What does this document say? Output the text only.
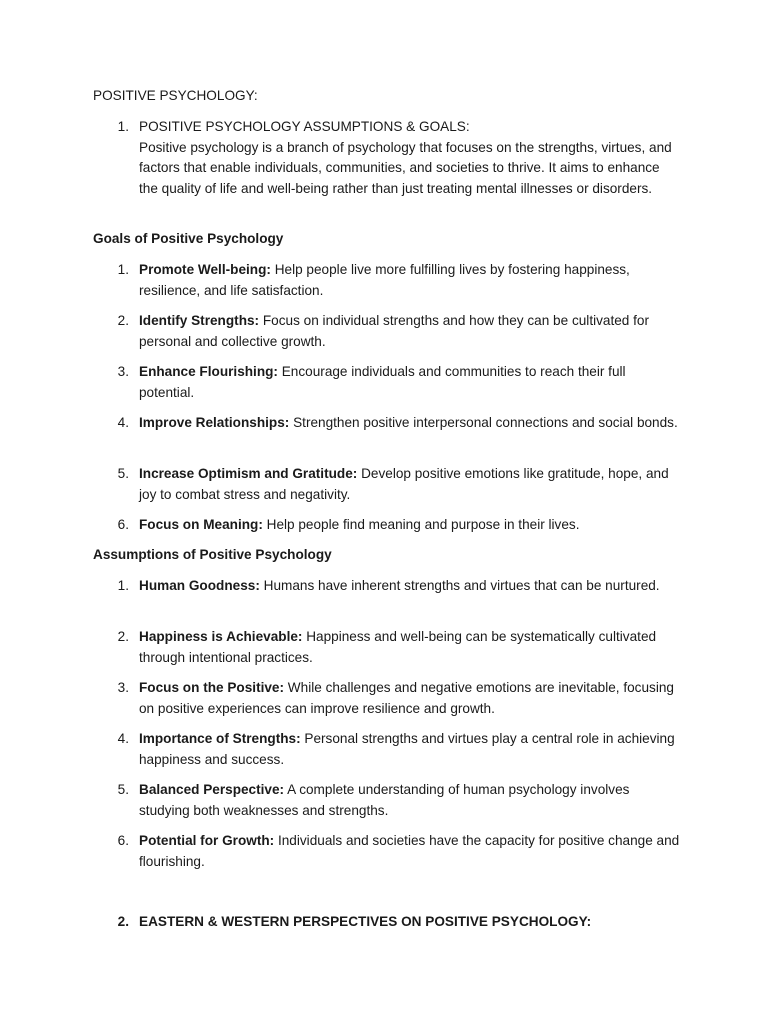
POSITIVE PSYCHOLOGY:
1. POSITIVE PSYCHOLOGY ASSUMPTIONS & GOALS:
Positive psychology is a branch of psychology that focuses on the strengths, virtues, and factors that enable individuals, communities, and societies to thrive. It aims to enhance the quality of life and well-being rather than just treating mental illnesses or disorders.
Goals of Positive Psychology
1. Promote Well-being: Help people live more fulfilling lives by fostering happiness, resilience, and life satisfaction.
2. Identify Strengths: Focus on individual strengths and how they can be cultivated for personal and collective growth.
3. Enhance Flourishing: Encourage individuals and communities to reach their full potential.
4. Improve Relationships: Strengthen positive interpersonal connections and social bonds.
5. Increase Optimism and Gratitude: Develop positive emotions like gratitude, hope, and joy to combat stress and negativity.
6. Focus on Meaning: Help people find meaning and purpose in their lives.
Assumptions of Positive Psychology
1. Human Goodness: Humans have inherent strengths and virtues that can be nurtured.
2. Happiness is Achievable: Happiness and well-being can be systematically cultivated through intentional practices.
3. Focus on the Positive: While challenges and negative emotions are inevitable, focusing on positive experiences can improve resilience and growth.
4. Importance of Strengths: Personal strengths and virtues play a central role in achieving happiness and success.
5. Balanced Perspective: A complete understanding of human psychology involves studying both weaknesses and strengths.
6. Potential for Growth: Individuals and societies have the capacity for positive change and flourishing.
2. EASTERN & WESTERN PERSPECTIVES ON POSITIVE PSYCHOLOGY:
